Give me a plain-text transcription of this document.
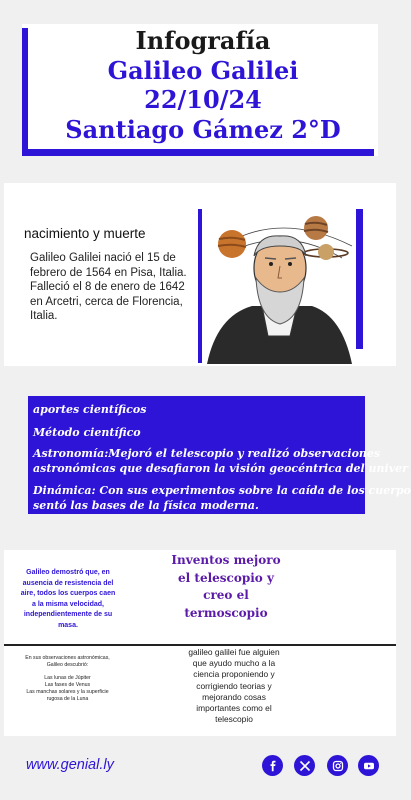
Infografía
Galileo Galilei
22/10/24
Santiago Gámez 2°D
nacimiento y muerte
Galileo Galilei nació el 15 de febrero de 1564 en Pisa, Italia. Falleció el 8 de enero de 1642 en Arcetri, cerca de Florencia, Italia.

aportes científicos

Método científico

Astronomía:Mejoró el telescopio y realizó observaciones

astronómicas que desafiaron la visión geocéntrica del univer

Dinámica: Con sus experimentos sobre la caída de los cuerpo

sentó las bases de la física moderna.

Galileo demostró que, en ausencia de resistencia del aire, todos los cuerpos caen a la misma velocidad, independientemente de su masa.
Inventos mejoro el telescopio y creo el termoscopio
En sus observaciones astronómicas, Galileo descubrió:

Las lunas de Júpiter
Las fases de Venus
Las manchas solares y la superficie rugosa de la Luna
galileo galilei fue alguien que ayudo mucho a la ciencia proponiendo y corrigiendo teorias y mejorando cosas importantes como el telescopio
www.genial.ly
